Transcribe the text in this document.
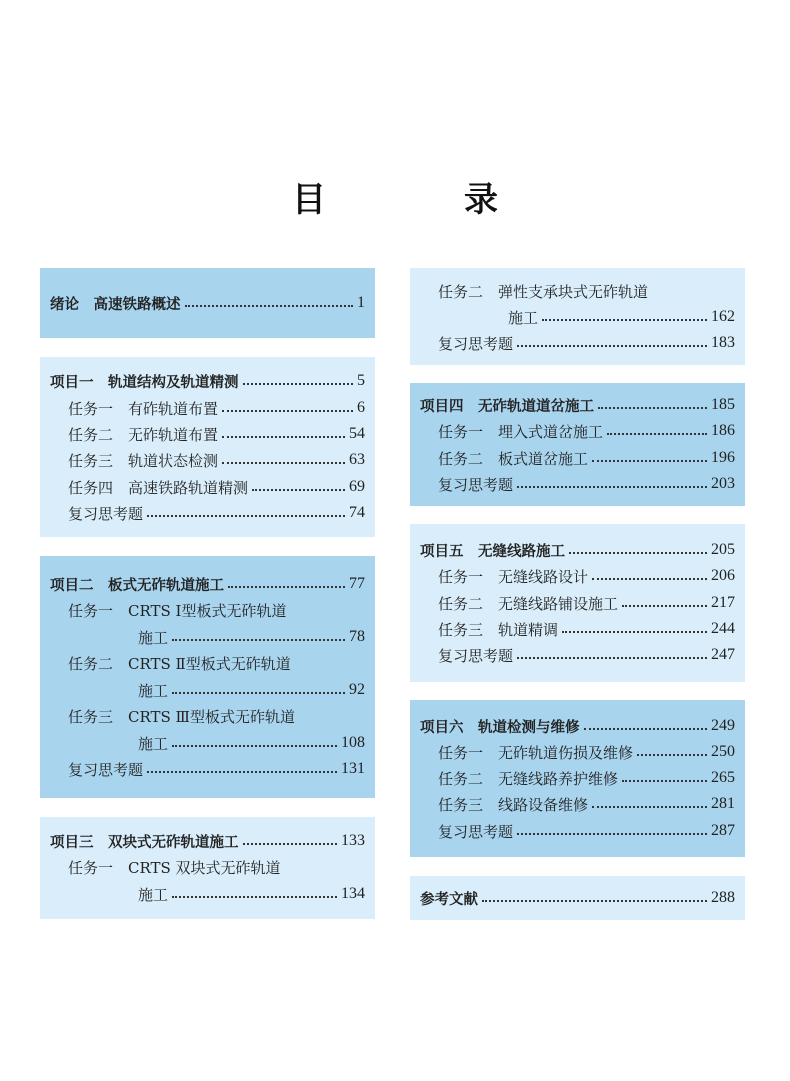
目　录
绪论　高速铁路概述	1
项目一　轨道结构及轨道精测	5
任务一　有砟轨道布置	6
任务二　无砟轨道布置	54
任务三　轨道状态检测	63
任务四　高速铁路轨道精测	69
复习思考题	74
项目二　板式无砟轨道施工	77
任务一　CRTS Ⅰ型板式无砟轨道
施工	78
任务二　CRTS Ⅱ型板式无砟轨道
施工	92
任务三　CRTS Ⅲ型板式无砟轨道
施工	108
复习思考题	131
项目三　双块式无砟轨道施工	133
任务一　CRTS 双块式无砟轨道
施工	134
任务二　弹性支承块式无砟轨道
施工	162
复习思考题	183
项目四　无砟轨道道岔施工	185
任务一　埋入式道岔施工	186
任务二　板式道岔施工	196
复习思考题	203
项目五　无缝线路施工	205
任务一　无缝线路设计	206
任务二　无缝线路铺设施工	217
任务三　轨道精调	244
复习思考题	247
项目六　轨道检测与维修	249
任务一　无砟轨道伤损及维修	250
任务二　无缝线路养护维修	265
任务三　线路设备维修	281
复习思考题	287
参考文献	288
